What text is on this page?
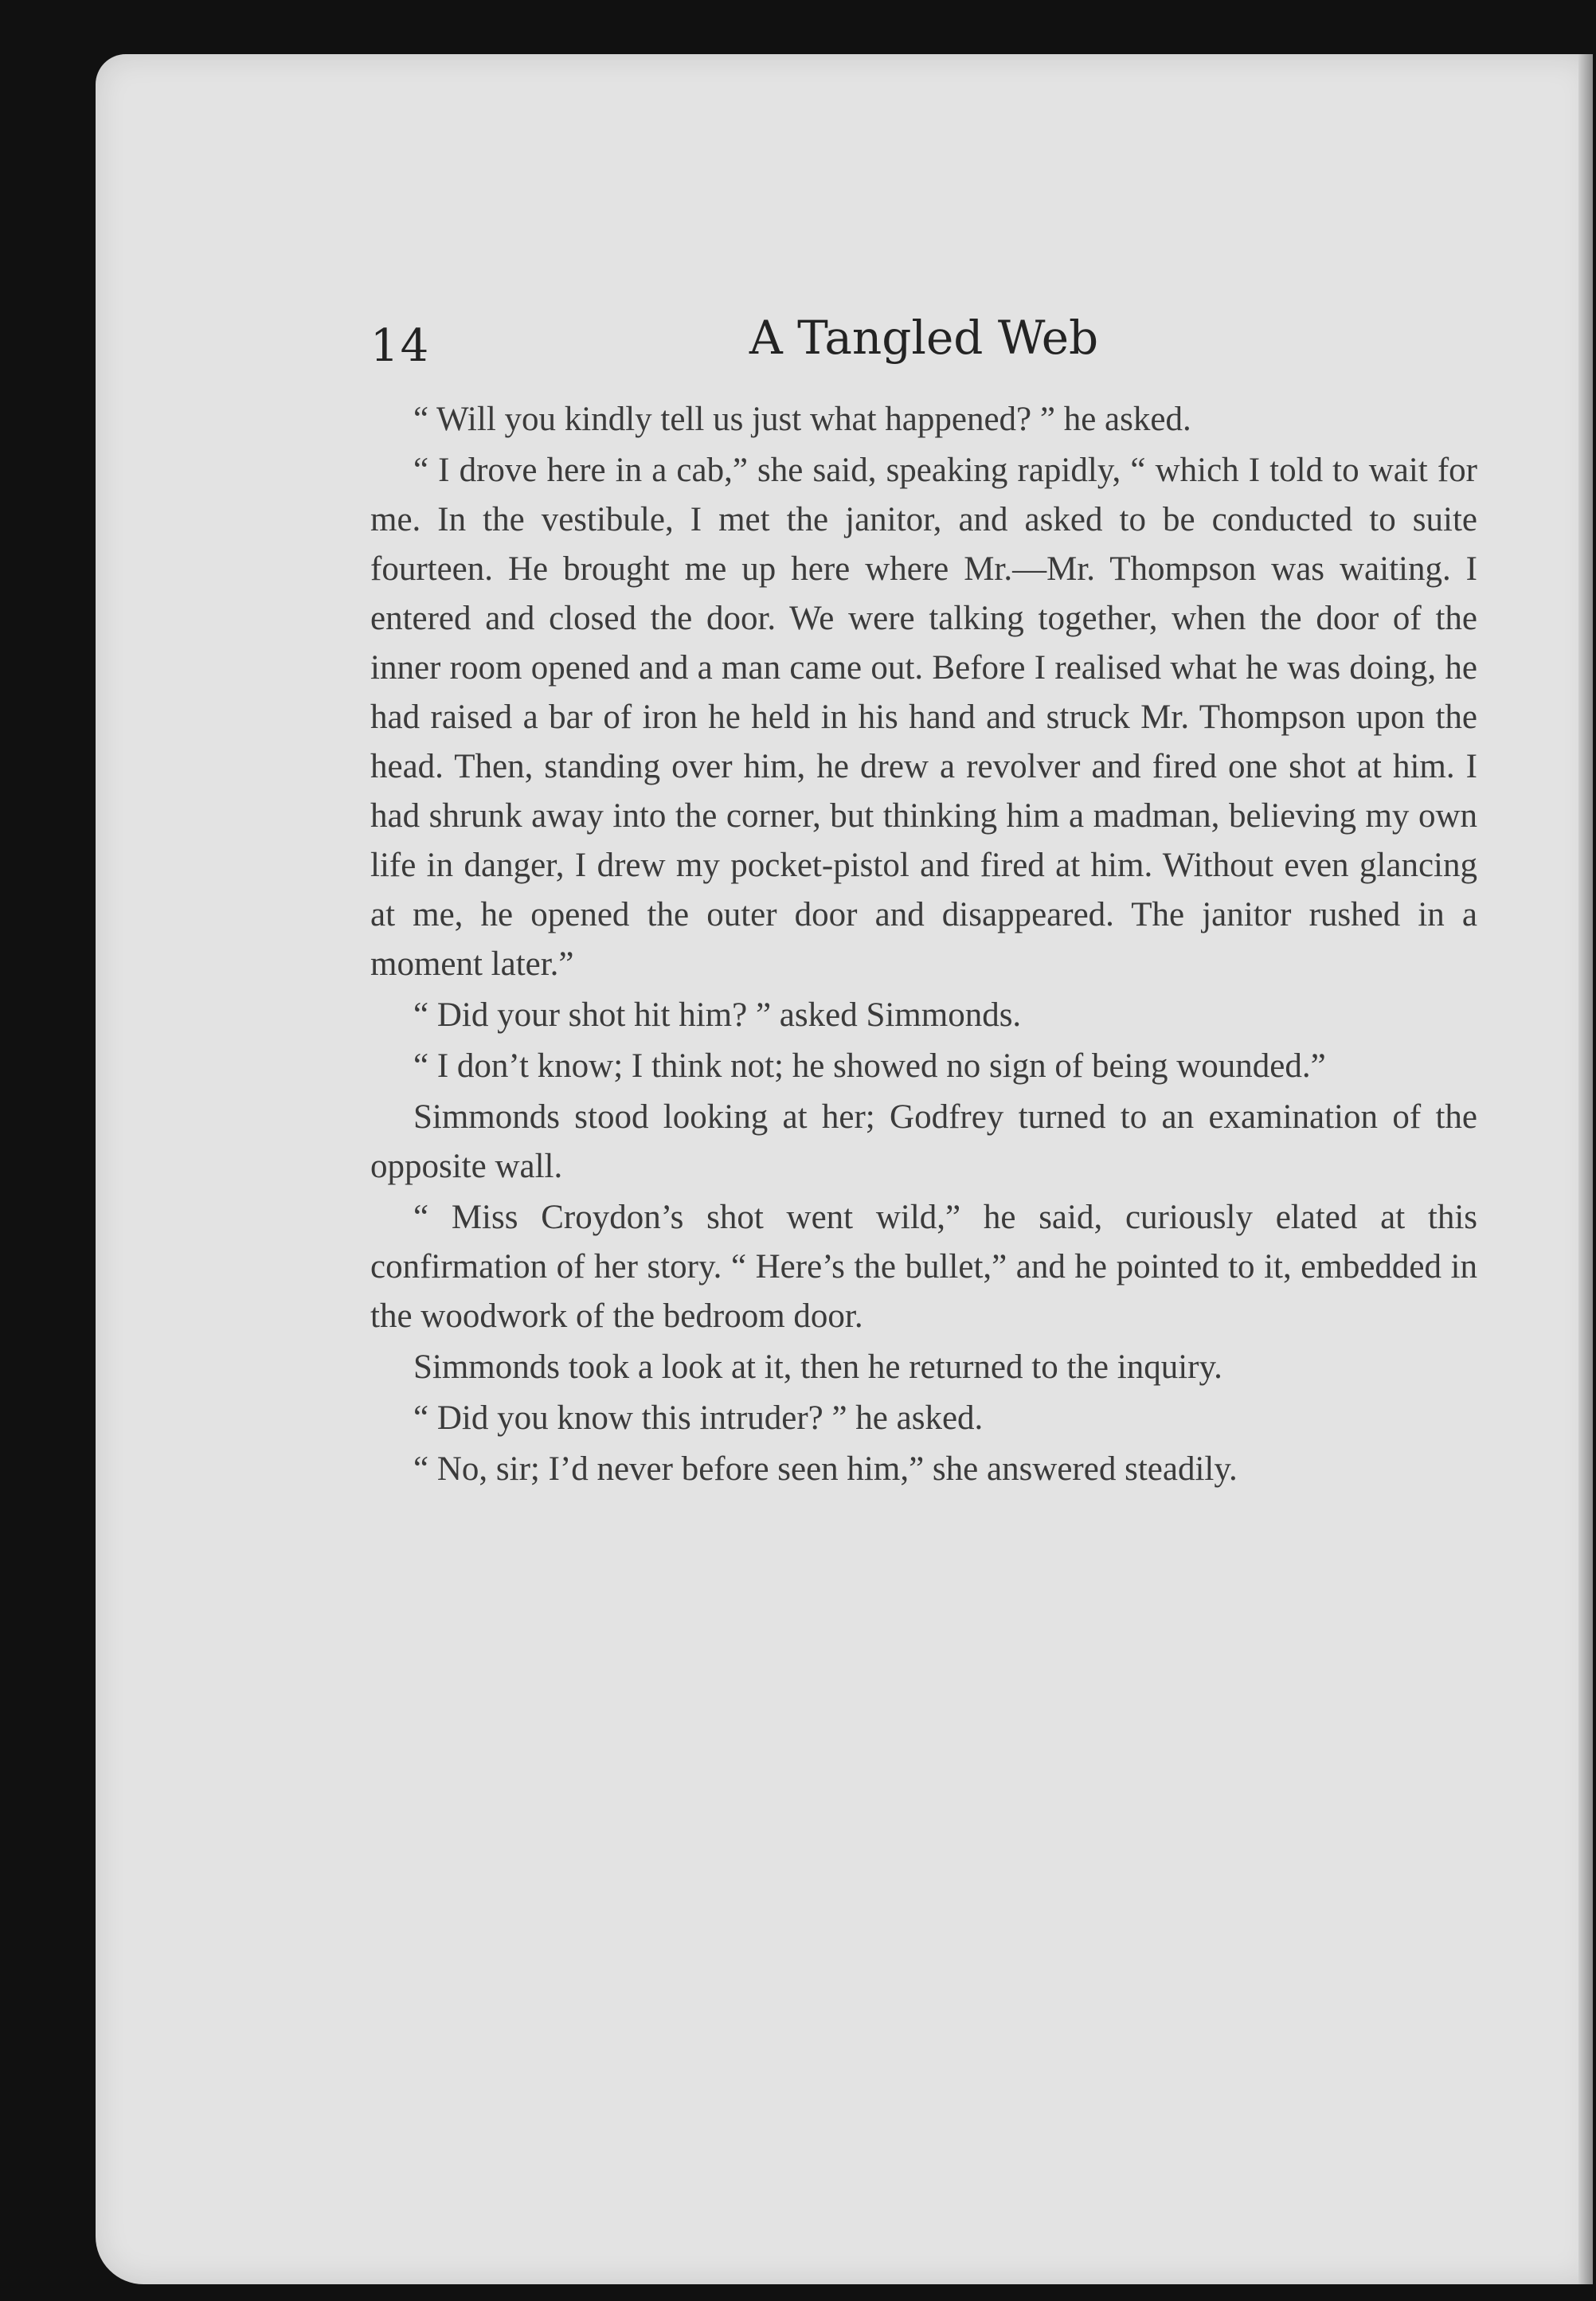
14	A Tangled Web

“ Will you kindly tell us just what happened? ” he asked.

“ I drove here in a cab,” she said, speaking rapidly, “ which I told to wait for me. In the vestibule, I met the janitor, and asked to be conducted to suite fourteen. He brought me up here where Mr.—Mr. Thompson was waiting. I entered and closed the door. We were talking together, when the door of the inner room opened and a man came out. Before I realised what he was doing, he had raised a bar of iron he held in his hand and struck Mr. Thompson upon the head. Then, standing over him, he drew a revolver and fired one shot at him. I had shrunk away into the corner, but thinking him a madman, believing my own life in danger, I drew my pocket-pistol and fired at him. Without even glancing at me, he opened the outer door and disappeared. The janitor rushed in a moment later.”

“ Did your shot hit him? ” asked Simmonds.

“ I don’t know; I think not; he showed no sign of being wounded.”

Simmonds stood looking at her; Godfrey turned to an examination of the opposite wall.

“ Miss Croydon’s shot went wild,” he said, curiously elated at this confirmation of her story. “ Here’s the bullet,” and he pointed to it, embedded in the woodwork of the bedroom door.

Simmonds took a look at it, then he returned to the inquiry.

“ Did you know this intruder? ” he asked.

“ No, sir; I’d never before seen him,” she answered steadily.
